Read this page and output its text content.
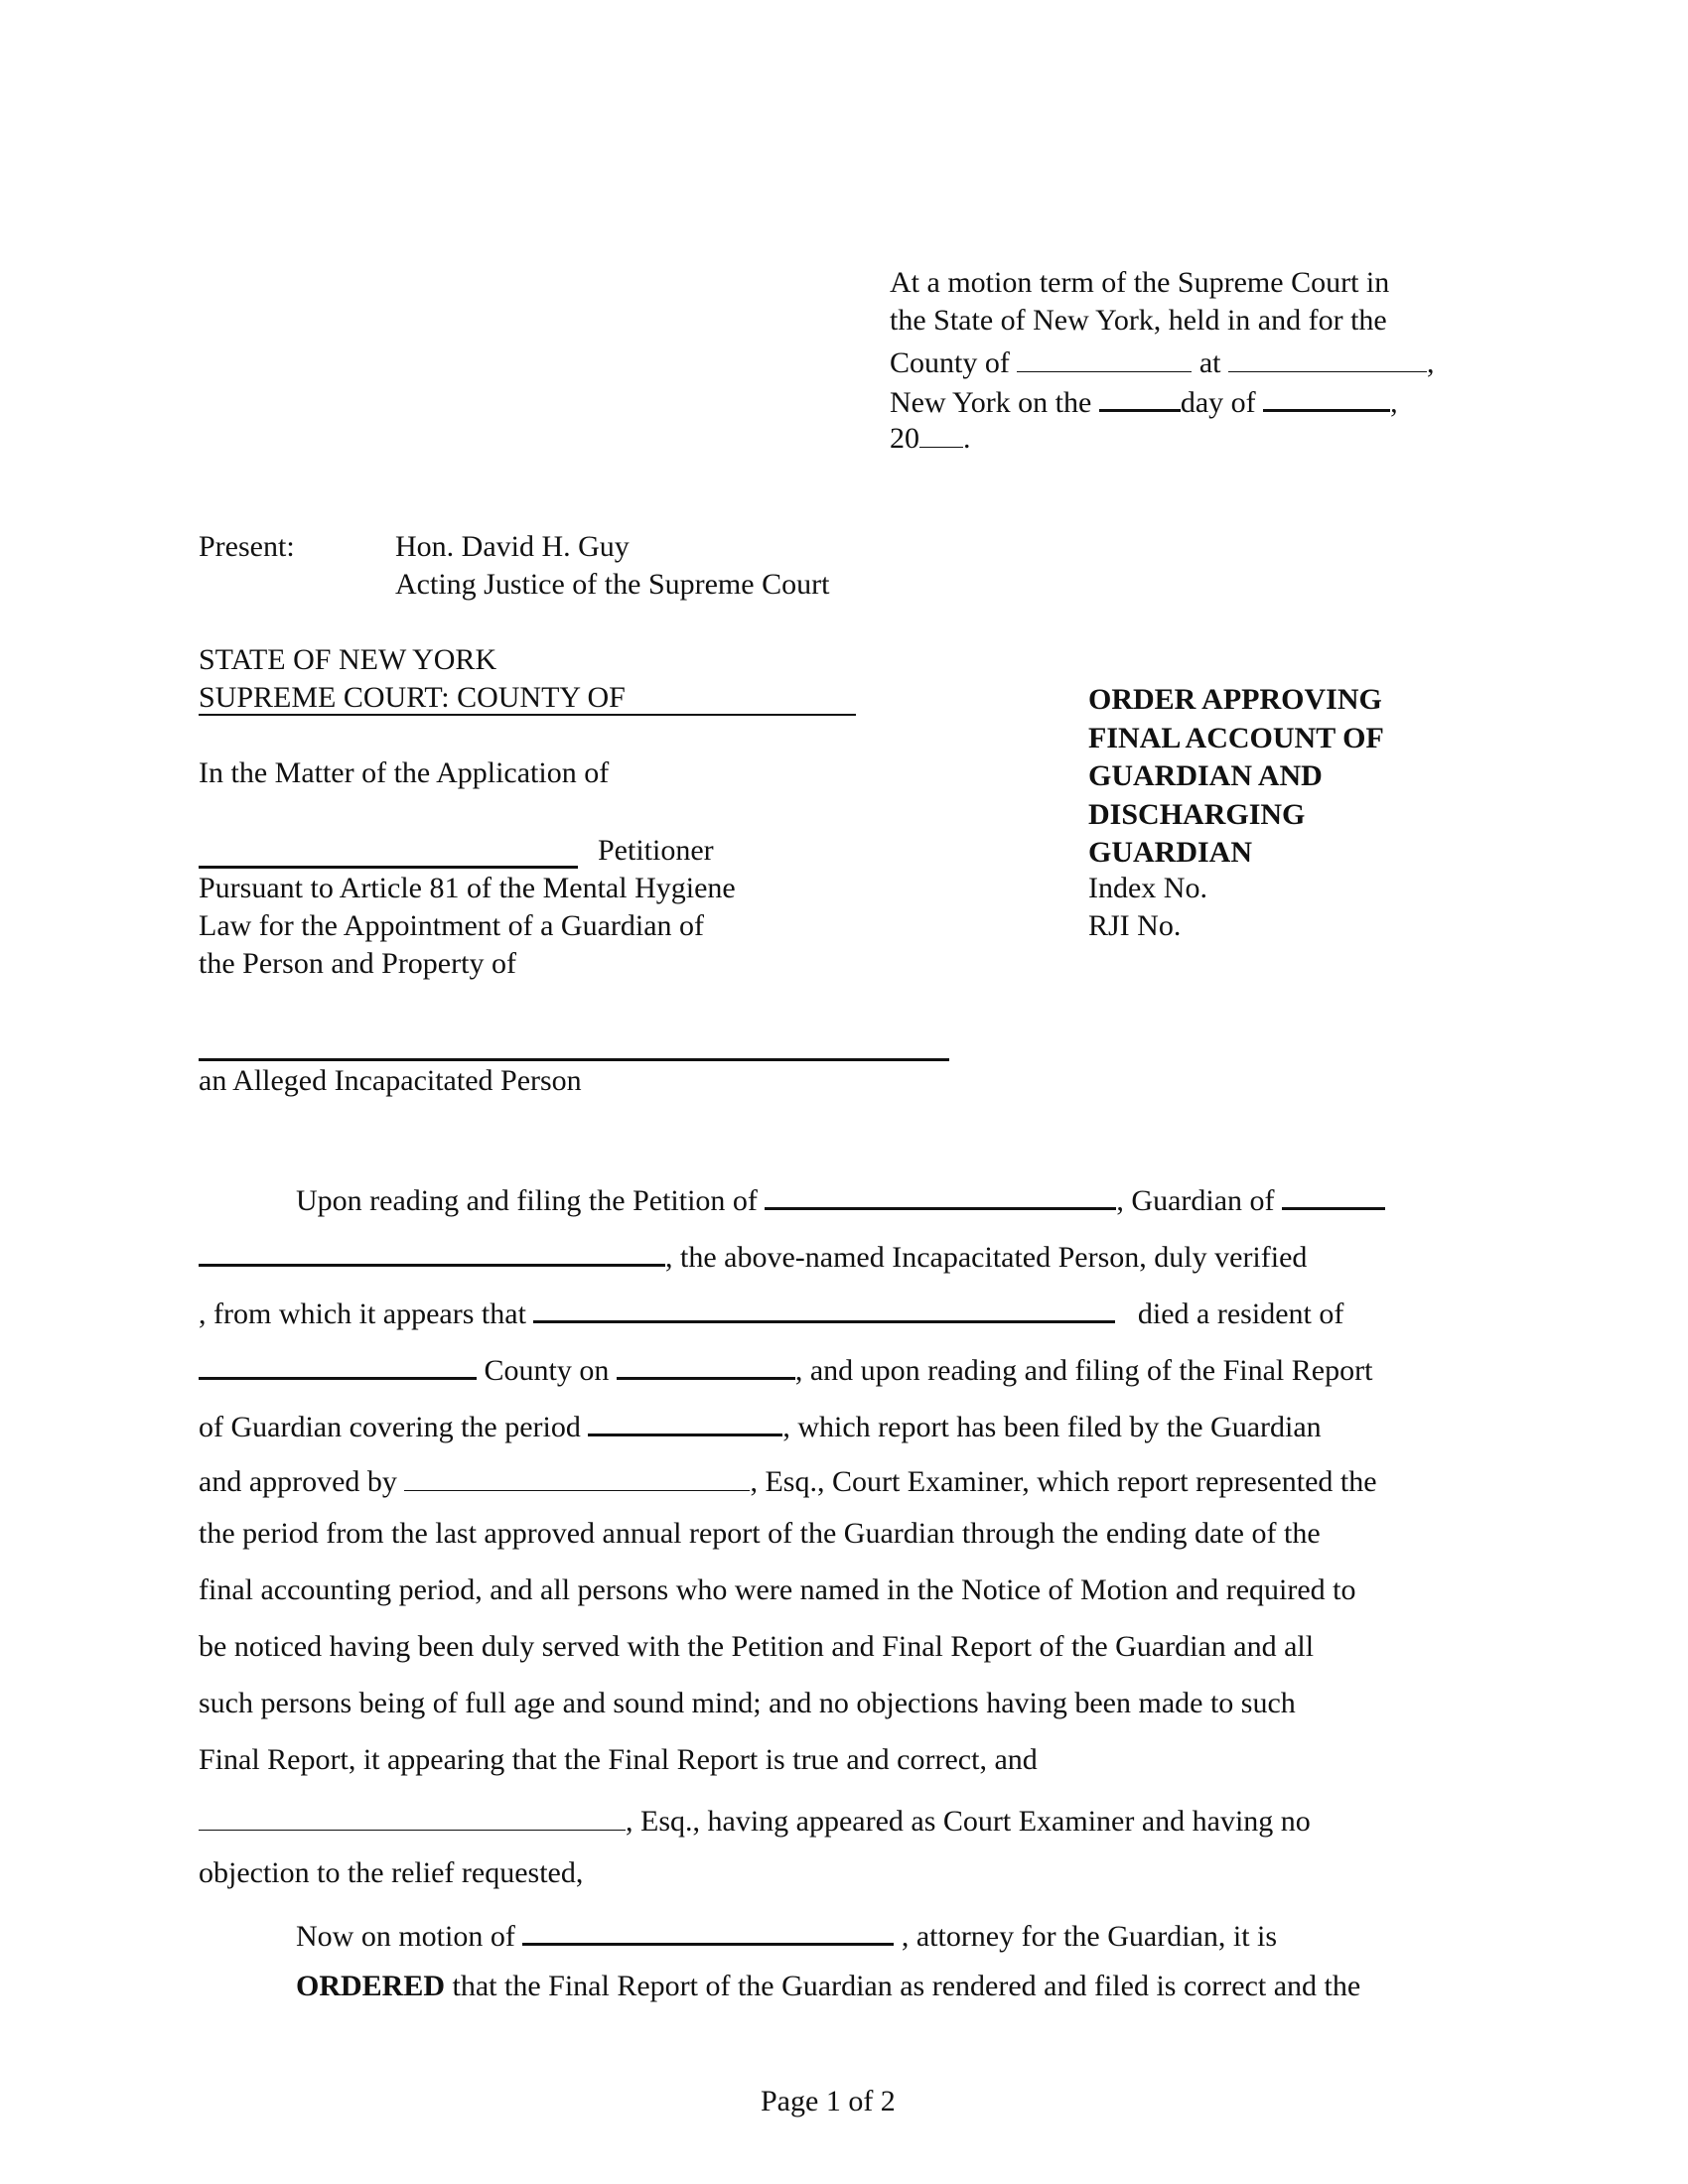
At a motion term of the Supreme Court in
the State of New York, held in and for the
County of	at	,
New York on the	day of	,
20 .
Present:	Hon. David H. Guy
Acting Justice of the Supreme Court
STATE OF NEW YORK
SUPREME COURT: COUNTY OF
In the Matter of the Application of
Petitioner
Pursuant to Article 81 of the Mental Hygiene
Law for the Appointment of a Guardian of
the Person and Property of
an Alleged Incapacitated Person
ORDER APPROVING
FINAL ACCOUNT OF
GUARDIAN AND
DISCHARGING
GUARDIAN
Index No.
RJI No.
Upon reading and filing the Petition of	, Guardian of
, the above-named Incapacitated Person, duly verified
, from which it appears that	died a resident of
County on	, and upon reading and filing of the Final Report
of Guardian covering the period	, which report has been filed by the Guardian
and approved by	, Esq., Court Examiner, which report represented the
the period from the last approved annual report of the Guardian through the ending date of the
final accounting period, and all persons who were named in the Notice of Motion and required to
be noticed having been duly served with the Petition and Final Report of the Guardian and all
such persons being of full age and sound mind; and no objections having been made to such
Final Report, it appearing that the Final Report is true and correct, and
, Esq., having appeared as Court Examiner and having no
objection to the relief requested,
Now on motion of	, attorney for the Guardian, it is
ORDERED that the Final Report of the Guardian as rendered and filed is correct and the
Page 1 of 2
